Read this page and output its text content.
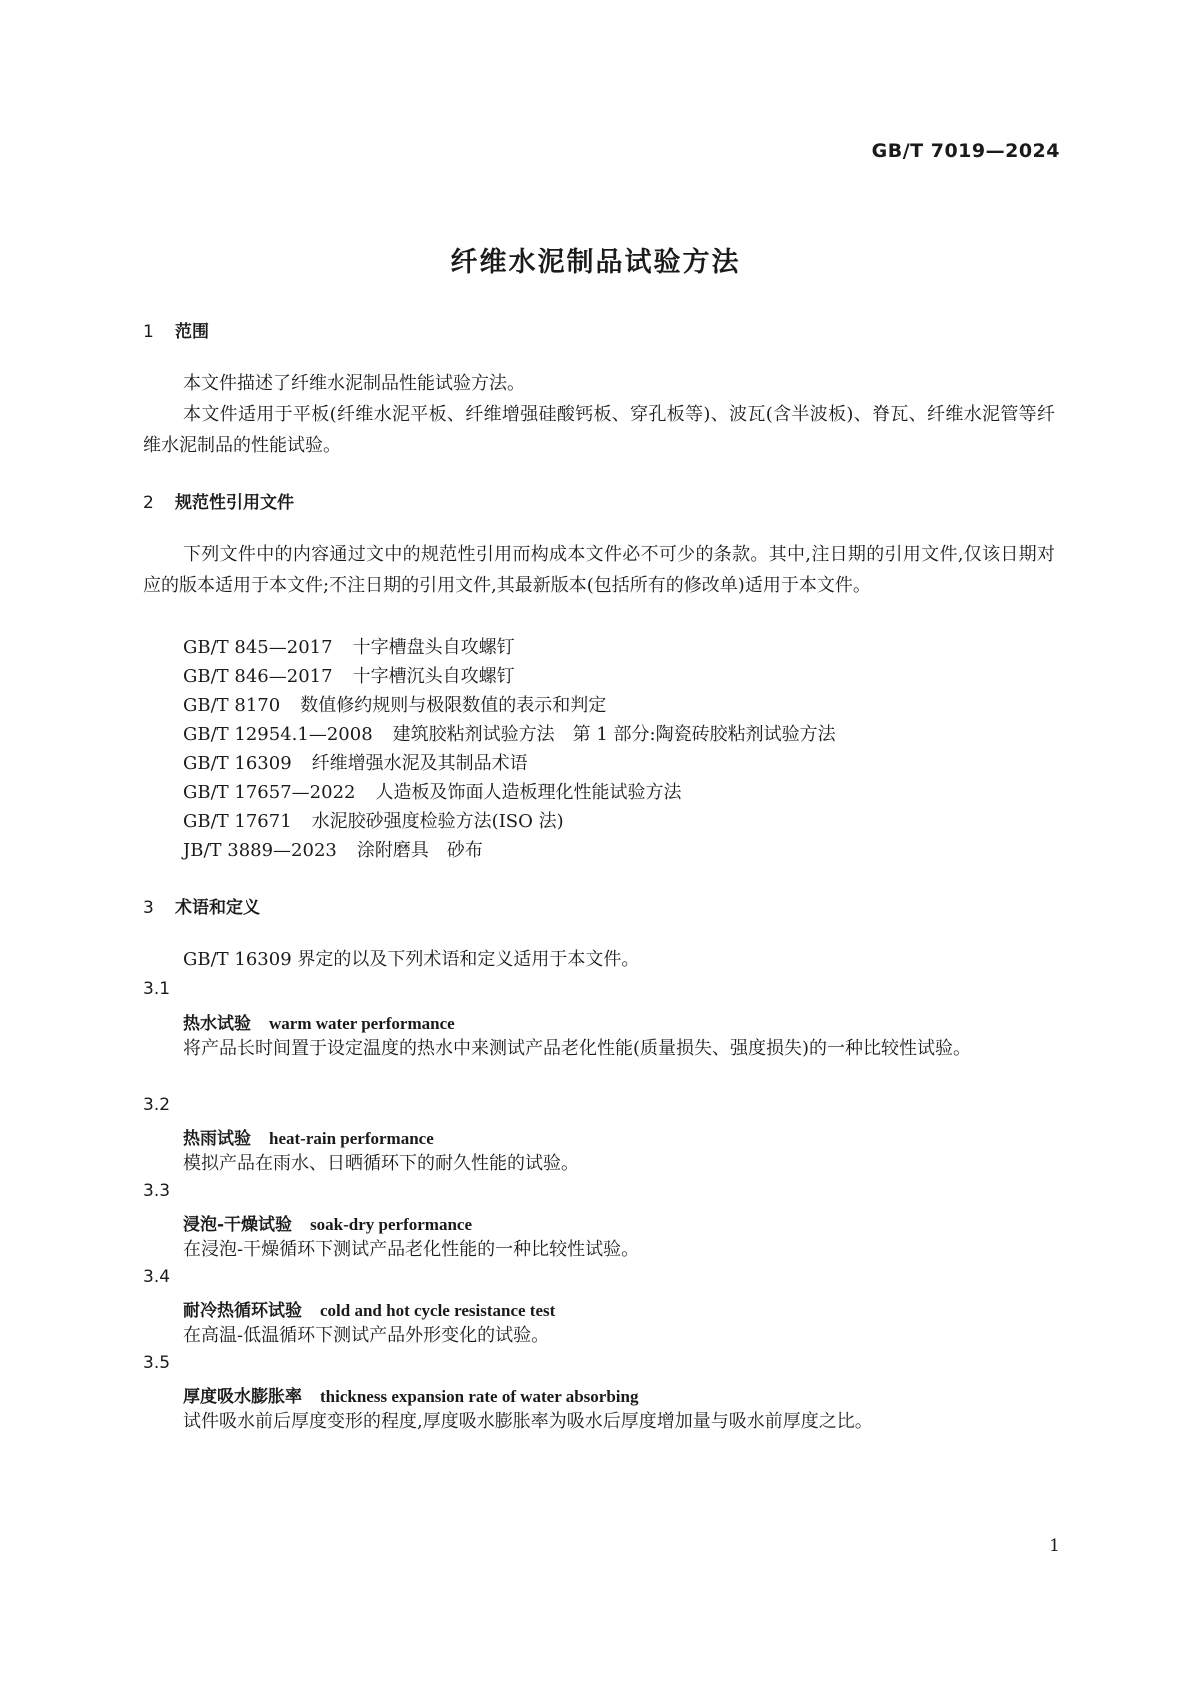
GB/T 7019—2024
纤维水泥制品试验方法
1 范围
本文件描述了纤维水泥制品性能试验方法。
本文件适用于平板(纤维水泥平板、纤维增强硅酸钙板、穿孔板等)、波瓦(含半波板)、脊瓦、纤维水泥管等纤维水泥制品的性能试验。
2 规范性引用文件
下列文件中的内容通过文中的规范性引用而构成本文件必不可少的条款。其中,注日期的引用文件,仅该日期对应的版本适用于本文件;不注日期的引用文件,其最新版本(包括所有的修改单)适用于本文件。
GB/T 845—2017 十字槽盘头自攻螺钉
GB/T 846—2017 十字槽沉头自攻螺钉
GB/T 8170 数值修约规则与极限数值的表示和判定
GB/T 12954.1—2008 建筑胶粘剂试验方法　第 1 部分:陶瓷砖胶粘剂试验方法
GB/T 16309 纤维增强水泥及其制品术语
GB/T 17657—2022 人造板及饰面人造板理化性能试验方法
GB/T 17671 水泥胶砂强度检验方法(ISO 法)
JB/T 3889—2023 涂附磨具　砂布
3 术语和定义
GB/T 16309 界定的以及下列术语和定义适用于本文件。
3.1
热水试验 warm water performance
将产品长时间置于设定温度的热水中来测试产品老化性能(质量损失、强度损失)的一种比较性试验。
3.2
热雨试验 heat-rain performance
模拟产品在雨水、日晒循环下的耐久性能的试验。
3.3
浸泡-干燥试验 soak-dry performance
在浸泡-干燥循环下测试产品老化性能的一种比较性试验。
3.4
耐冷热循环试验 cold and hot cycle resistance test
在高温-低温循环下测试产品外形变化的试验。
3.5
厚度吸水膨胀率 thickness expansion rate of water absorbing
试件吸水前后厚度变形的程度,厚度吸水膨胀率为吸水后厚度增加量与吸水前厚度之比。
1
